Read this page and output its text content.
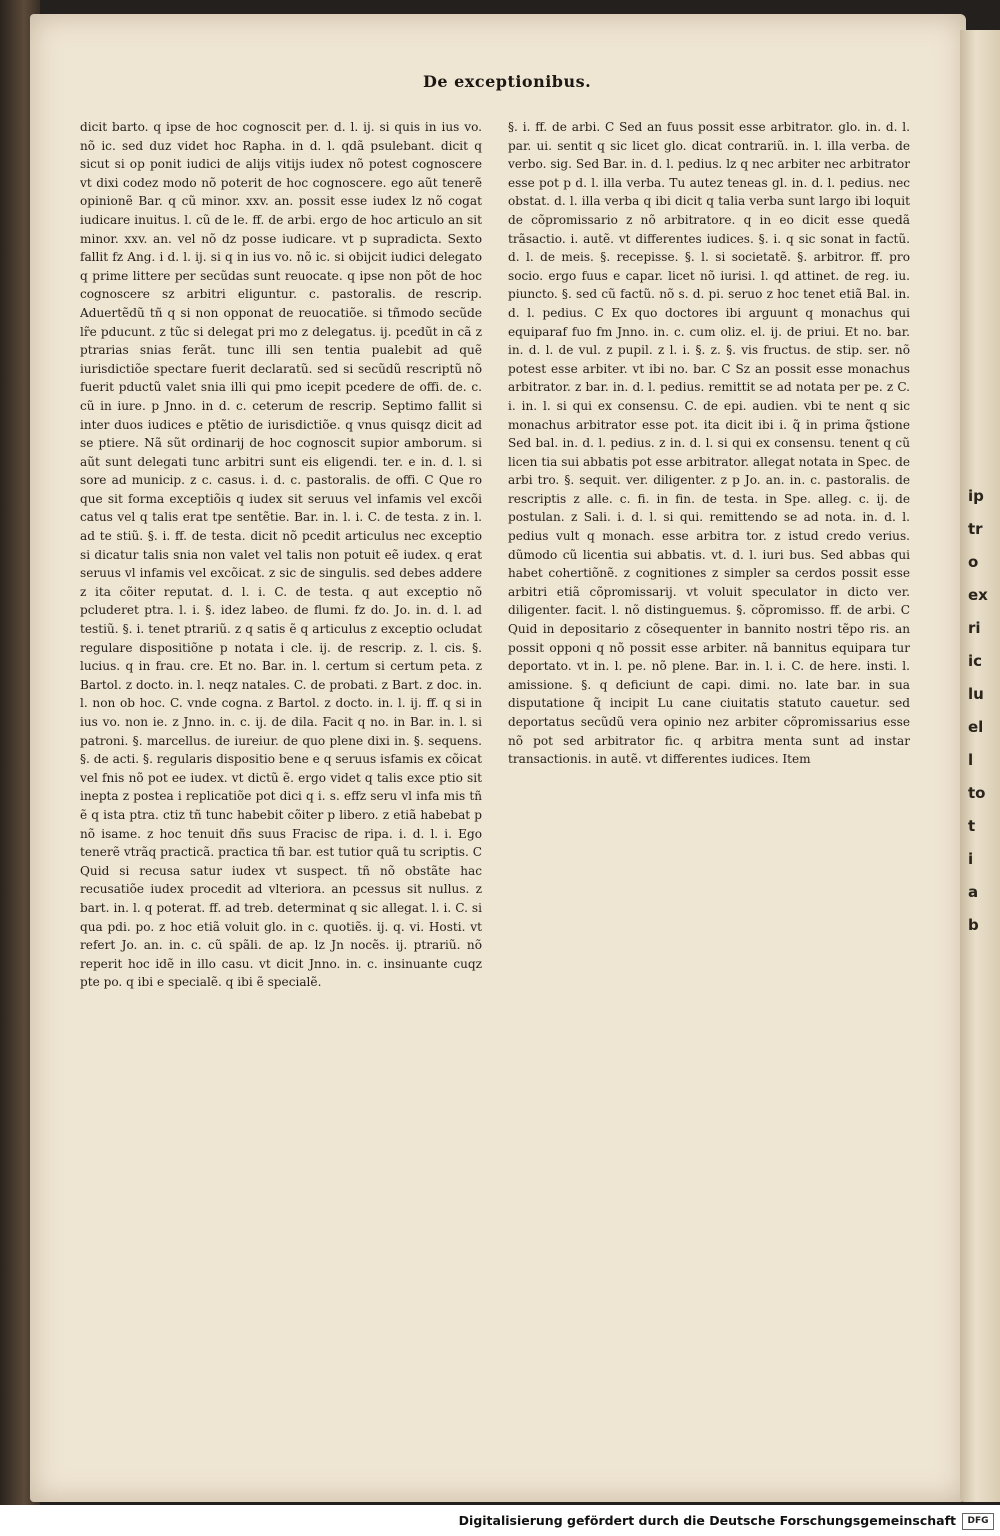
De exceptionibus.

dicit barto. q ipse de hoc cognoscit per. d. l. ij. si quis in ius vo. nõ ic. sed duz videt hoc Rapha. in d. l. qdã psulebant. dicit q sicut si op ponit iudici de alijs vitijs iudex nõ potest cognoscere vt dixi codez modo nõ poterit de hoc cognoscere. ego aũt tenerẽ opinionẽ Bar. q cũ minor. xxv. an. possit esse iudex lz nõ cogat iudicare inuitus. l. cũ de le. ff. de arbi. ergo de hoc articulo an sit minor. xxv. an. vel nõ dz posse iudicare. vt p supradicta. Sexto fallit fz Ang. i d. l. ij. si q in ius vo. nõ ic. si obijcit iudici delegato q prime littere per secũdas sunt reuocate. q ipse non põt de hoc cognoscere sz arbitri eliguntur. c. pastoralis. de rescrip. Aduertẽdũ tñ q si non opponat de reuocatiõe. si tñmodo secũde lr̃e pducunt. z tũc si delegat pri mo z delegatus. ij. pcedũt in cã z ptrarias snias ferãt. tunc illi sen tentia pualebit ad quẽ iurisdictiõe spectare fuerit declaratũ. sed si secũdũ rescriptũ nõ fuerit pductũ valet snia illi qui pmo icepit pcedere de offi. de. c. cũ in iure. p Jnno. in d. c. ceterum de rescrip. Septimo fallit si inter duos iudices e ptẽtio de iurisdictiõe. q vnus quisqz dicit ad se ptiere. Nã sũt ordinarij de hoc cognoscit supior amborum. si aũt sunt delegati tunc arbitri sunt eis eligendi. ter. e in. d. l. si sore ad municip. z c. casus. i. d. c. pastoralis. de offi. C Que ro que sit forma exceptiõis q iudex sit seruus vel infamis vel excõi catus vel q talis erat tpe sentẽtie. Bar. in. l. i. C. de testa. z in. l. ad te stiũ. §. i. ff. de testa. dicit nõ pcedit articulus nec exceptio si dicatur talis snia non valet vel talis non potuit eẽ iudex. q erat seruus vl infamis vel excõicat. z sic de singulis. sed debes addere z ita cõiter reputat. d. l. i. C. de testa. q aut exceptio nõ pcluderet ptra. l. i. §. idez labeo. de flumi. fz do. Jo. in. d. l. ad testiũ. §. i. tenet ptrariũ. z q satis ẽ q articulus z exceptio ocludat regulare dispositiõne p notata i cle. ij. de rescrip. z. l. cis. §. lucius. q in frau. cre. Et no. Bar. in. l. certum si certum peta. z Bartol. z docto. in. l. neqz natales. C. de probati. z Bart. z doc. in. l. non ob hoc. C. vnde cogna. z Bartol. z docto. in. l. ij. ff. q si in ius vo. non ie. z Jnno. in. c. ij. de dila. Facit q no. in Bar. in. l. si patroni. §. marcellus. de iureiur. de quo plene dixi in. §. sequens. §. de acti. §. regularis dispositio bene e q seruus isfamis ex cõicat vel fnis nõ pot ee iudex. vt dictũ ẽ. ergo videt q talis exce ptio sit inepta z postea i replicatiõe pot dici q i. s. effz seru vl infa mis tñ ẽ q ista ptra. ctiz tñ tunc habebit cõiter p libero. z etiã habebat p nõ isame. z hoc tenuit dñs suus Fracisc de ripa. i. d. l. i. Ego tenerẽ vtrãq practicã. practica tñ bar. est tutior quã tu scriptis. C Quid si recusa satur iudex vt suspect. tñ nõ obstãte hac recusatiõe iudex procedit ad vlteriora. an pcessus sit nullus. z bart. in. l. q poterat. ff. ad treb. determinat q sic allegat. l. i. C. si qua pdi. po. z hoc etiã voluit glo. in c. quotiẽs. ij. q. vi. Hosti. vt refert Jo. an. in. c. cũ spãli. de ap. lz Jn nocẽs. ij. ptrariũ. nõ reperit hoc idẽ in illo casu. vt dicit Jnno. in. c. insinuante cuqz pte po. q ibi e specialẽ. q ibi ẽ specialẽ.

§. i. ff. de arbi. C Sed an fuus possit esse arbitrator. glo. in. d. l. par. ui. sentit q sic licet glo. dicat contrariũ. in. l. illa verba. de verbo. sig. Sed Bar. in. d. l. pedius. lz q nec arbiter nec arbitrator esse pot p d. l. illa verba. Tu autez teneas gl. in. d. l. pedius. nec obstat. d. l. illa verba q ibi dicit q talia verba sunt largo ibi loquit de cõpromissario z nõ arbitratore. q in eo dicit esse quedã trãsactio. i. autẽ. vt differentes iudices. §. i. q sic sonat in factũ. d. l. de meis. §. recepisse. §. l. si societatẽ. §. arbitror. ff. pro socio. ergo fuus e capar. licet nõ iurisi. l. qd attinet. de reg. iu. piuncto. §. sed cũ factũ. nõ s. d. pi. seruo z hoc tenet etiã Bal. in. d. l. pedius. C Ex quo doctores ibi arguunt q monachus qui equiparaf fuo fm Jnno. in. c. cum oliz. el. ij. de priui. Et no. bar. in. d. l. de vul. z pupil. z l. i. §. z. §. vis fructus. de stip. ser. nõ potest esse arbiter. vt ibi no. bar. C Sz an possit esse monachus arbitrator. z bar. in. d. l. pedius. remittit se ad notata per pe. z C. i. in. l. si qui ex consensu. C. de epi. audien. vbi te nent q sic monachus arbitrator esse pot. ita dicit ibi i. q̃ in prima q̃stione Sed bal. in. d. l. pedius. z in. d. l. si qui ex consensu. tenent q cũ licen tia sui abbatis pot esse arbitrator. allegat notata in Spec. de arbi tro. §. sequit. ver. diligenter. z p Jo. an. in. c. pastoralis. de rescriptis z alle. c. fi. in fin. de testa. in Spe. alleg. c. ij. de postulan. z Sali. i. d. l. si qui. remittendo se ad nota. in. d. l. pedius vult q monach. esse arbitra tor. z istud credo verius. dũmodo cũ licentia sui abbatis. vt. d. l. iuri bus. Sed abbas qui habet cohertiõnẽ. z cognitiones z simpler sa cerdos possit esse arbitri etiã cõpromissarij. vt voluit speculator in dicto ver. diligenter. facit. l. nõ distinguemus. §. cõpromisso. ff. de arbi. C Quid in depositario z cõsequenter in bannito nostri tẽpo ris. an possit opponi q nõ possit esse arbiter. nã bannitus equipara tur deportato. vt in. l. pe. nõ plene. Bar. in. l. i. C. de here. insti. l. amissione. §. q deficiunt de capi. dimi. no. late bar. in sua disputatione q̃ incipit Lu cane ciuitatis statuto cauetur. sed deportatus secũdũ vera opinio nez arbiter cõpromissarius esse nõ pot sed arbitrator fic. q arbitra menta sunt ad instar transactionis. in autẽ. vt differentes iudices. Item

ip
tr
o
ex
ri
ic
lu
el
l
to
t
i
a
b
Digitalisierung gefördert durch die Deutsche Forschungsgemeinschaft	DFG
